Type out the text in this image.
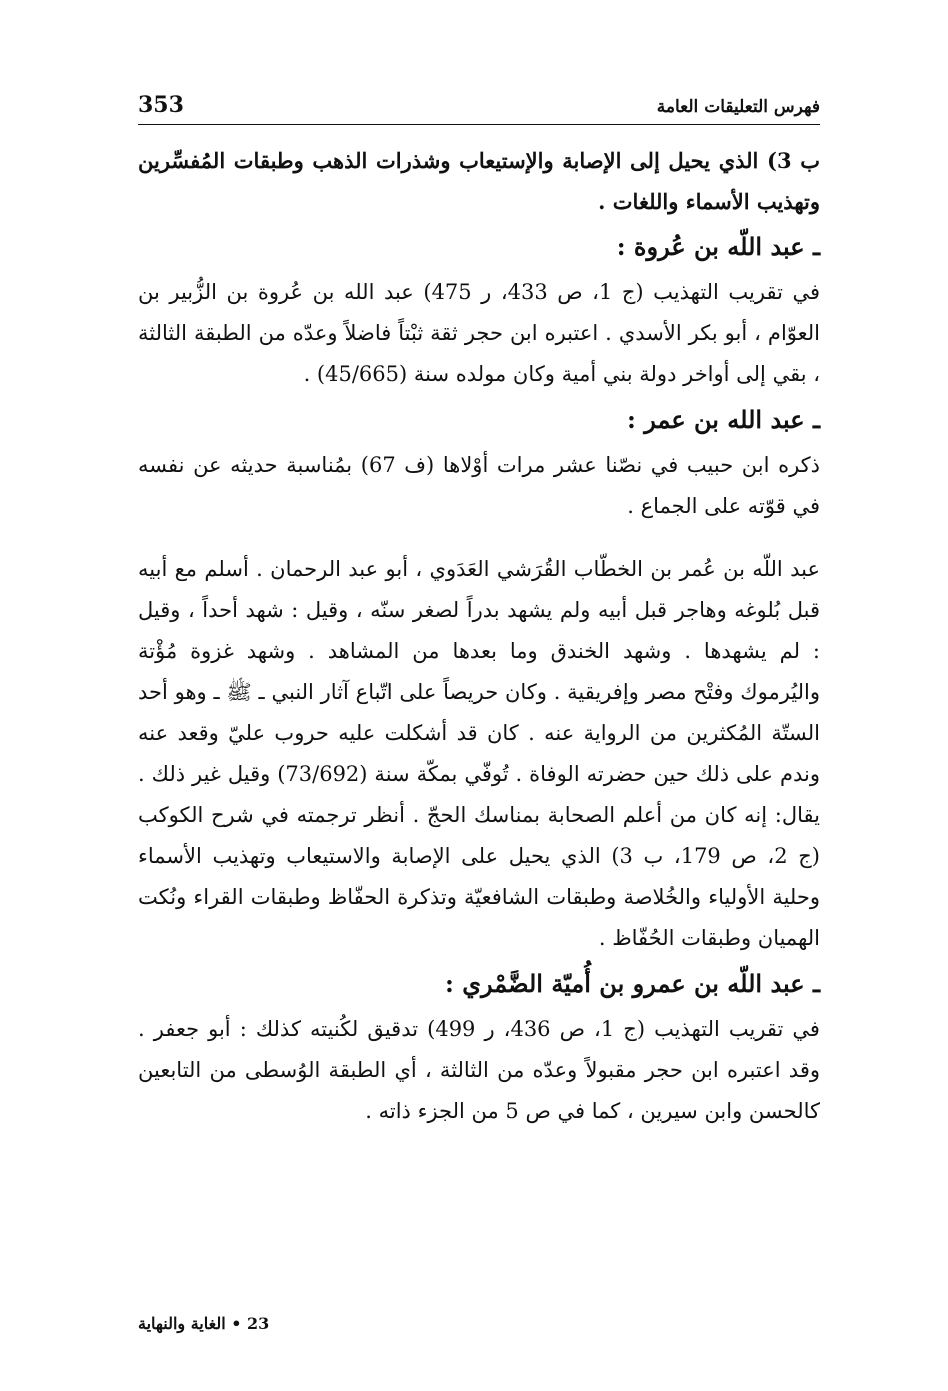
353	فهرس التعليقات العامة

ب 3) الذي يحيل إلى الإصابة والإستيعاب وشذرات الذهب وطبقات المُفسِّرين وتهذيب الأسماء واللغات .

ـ عبد اللّه بن عُروة :

في تقريب التهذيب (ج 1، ص 433، ر 475) عبد الله بن عُروة بن الزُّبير بن العوّام ، أبو بكر الأسدي . اعتبره ابن حجر ثقة ثبْتاً فاضلاً وعدّه من الطبقة الثالثة ، بقي إلى أواخر دولة بني أمية وكان مولده سنة (45/665) .

ـ عبد الله بن عمر :

ذكره ابن حبيب في نصّنا عشر مرات أوْلاها (ف 67) بمُناسبة حديثه عن نفسه في قوّته على الجماع .

عبد اللّه بن عُمر بن الخطّاب القُرَشي العَدَوي ، أبو عبد الرحمان . أسلم مع أبيه قبل بُلوغه وهاجر قبل أبيه ولم يشهد بدراً لصغر سنّه ، وقيل : شهد أحداً ، وقيل : لم يشهدها . وشهد الخندق وما بعدها من المشاهد . وشهد غزوة مُؤْتة واليُرموك وفتْح مصر وإفريقية . وكان حريصاً على اتّباع آثار النبي ـ ﷺ ـ وهو أحد الستّة المُكثرين من الرواية عنه . كان قد أشكلت عليه حروب عليّ وقعد عنه وندم على ذلك حين حضرته الوفاة . تُوفّي بمكّة سنة (73/692) وقيل غير ذلك . يقال: إنه كان من أعلم الصحابة بمناسك الحجّ . أنظر ترجمته في شرح الكوكب (ج 2، ص 179، ب 3) الذي يحيل على الإصابة والاستيعاب وتهذيب الأسماء وحلية الأولياء والخُلاصة وطبقات الشافعيّة وتذكرة الحفّاظ وطبقات القراء ونُكت الهميان وطبقات الحُفّاظ .

ـ عبد اللّه بن عمرو بن أُميّة الضَّمْري :

في تقريب التهذيب (ج 1، ص 436، ر 499) تدقيق لكُنيته كذلك : أبو جعفر . وقد اعتبره ابن حجر مقبولاً وعدّه من الثالثة ، أي الطبقة الوُسطى من التابعين كالحسن وابن سيرين ، كما في ص 5 من الجزء ذاته .

23 • الغاية والنهاية
